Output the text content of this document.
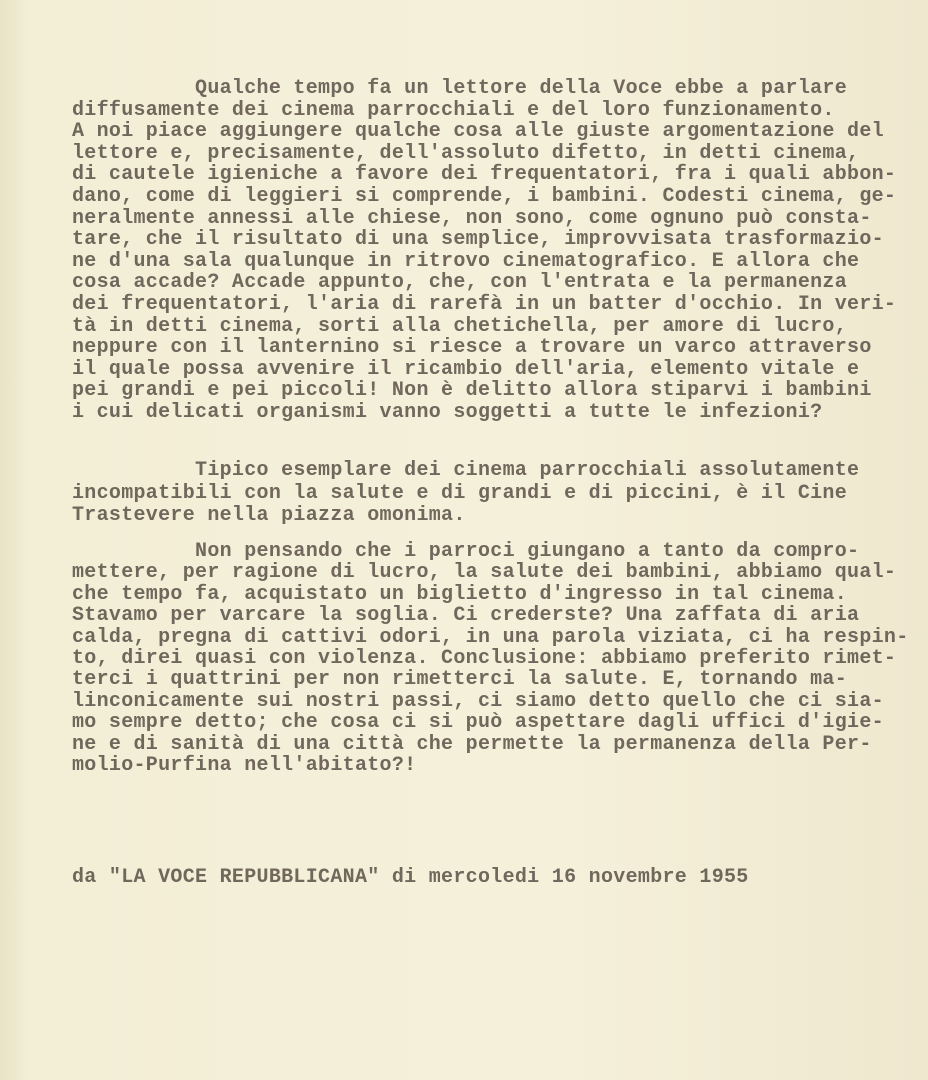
Qualche tempo fa un lettore della Voce ebbe a parlare
diffusamente dei cinema parrocchiali e del loro funzionamento.
A noi piace aggiungere qualche cosa alle giuste argomentazione del
lettore e, precisamente, dell'assoluto difetto, in detti cinema,
di cautele igieniche a favore dei frequentatori, fra i quali abbon-
dano, come di leggieri si comprende, i bambini. Codesti cinema, ge-
neralmente annessi alle chiese, non sono, come ognuno può consta-
tare, che il risultato di una semplice, improvvisata trasformazio-
ne d'una sala qualunque in ritrovo cinematografico. E allora che
cosa accade? Accade appunto, che, con l'entrata e la permanenza
dei frequentatori, l'aria di rarefà in un batter d'occhio. In veri-
tà in detti cinema, sorti alla chetichella, per amore di lucro,
neppure con il lanternino si riesce a trovare un varco attraverso
il quale possa avvenire il ricambio dell'aria, elemento vitale e
pei grandi e pei piccoli! Non è delitto allora stiparvi i bambini
i cui delicati organismi vanno soggetti a tutte le infezioni?
Tipico esemplare dei cinema parrocchiali assolutamente
incompatibili con la salute e di grandi e di piccini, è il Cine
Trastevere nella piazza omonima.
Non pensando che i parroci giungano a tanto da compro-
mettere, per ragione di lucro, la salute dei bambini, abbiamo qual-
che tempo fa, acquistato un biglietto d'ingresso in tal cinema.
Stavamo per varcare la soglia. Ci crederste? Una zaffata di aria
calda, pregna di cattivi odori, in una parola viziata, ci ha respin-
to, direi quasi con violenza. Conclusione: abbiamo preferito rimet-
terci i quattrini per non rimetterci la salute. E, tornando ma-
linconicamente sui nostri passi, ci siamo detto quello che ci sia-
mo sempre detto; che cosa ci si può aspettare dagli uffici d'igie-
ne e di sanità di una città che permette la permanenza della Per-
molio-Purfina nell'abitato?!
da "LA VOCE REPUBBLICANA" di mercoledi 16 novembre 1955
